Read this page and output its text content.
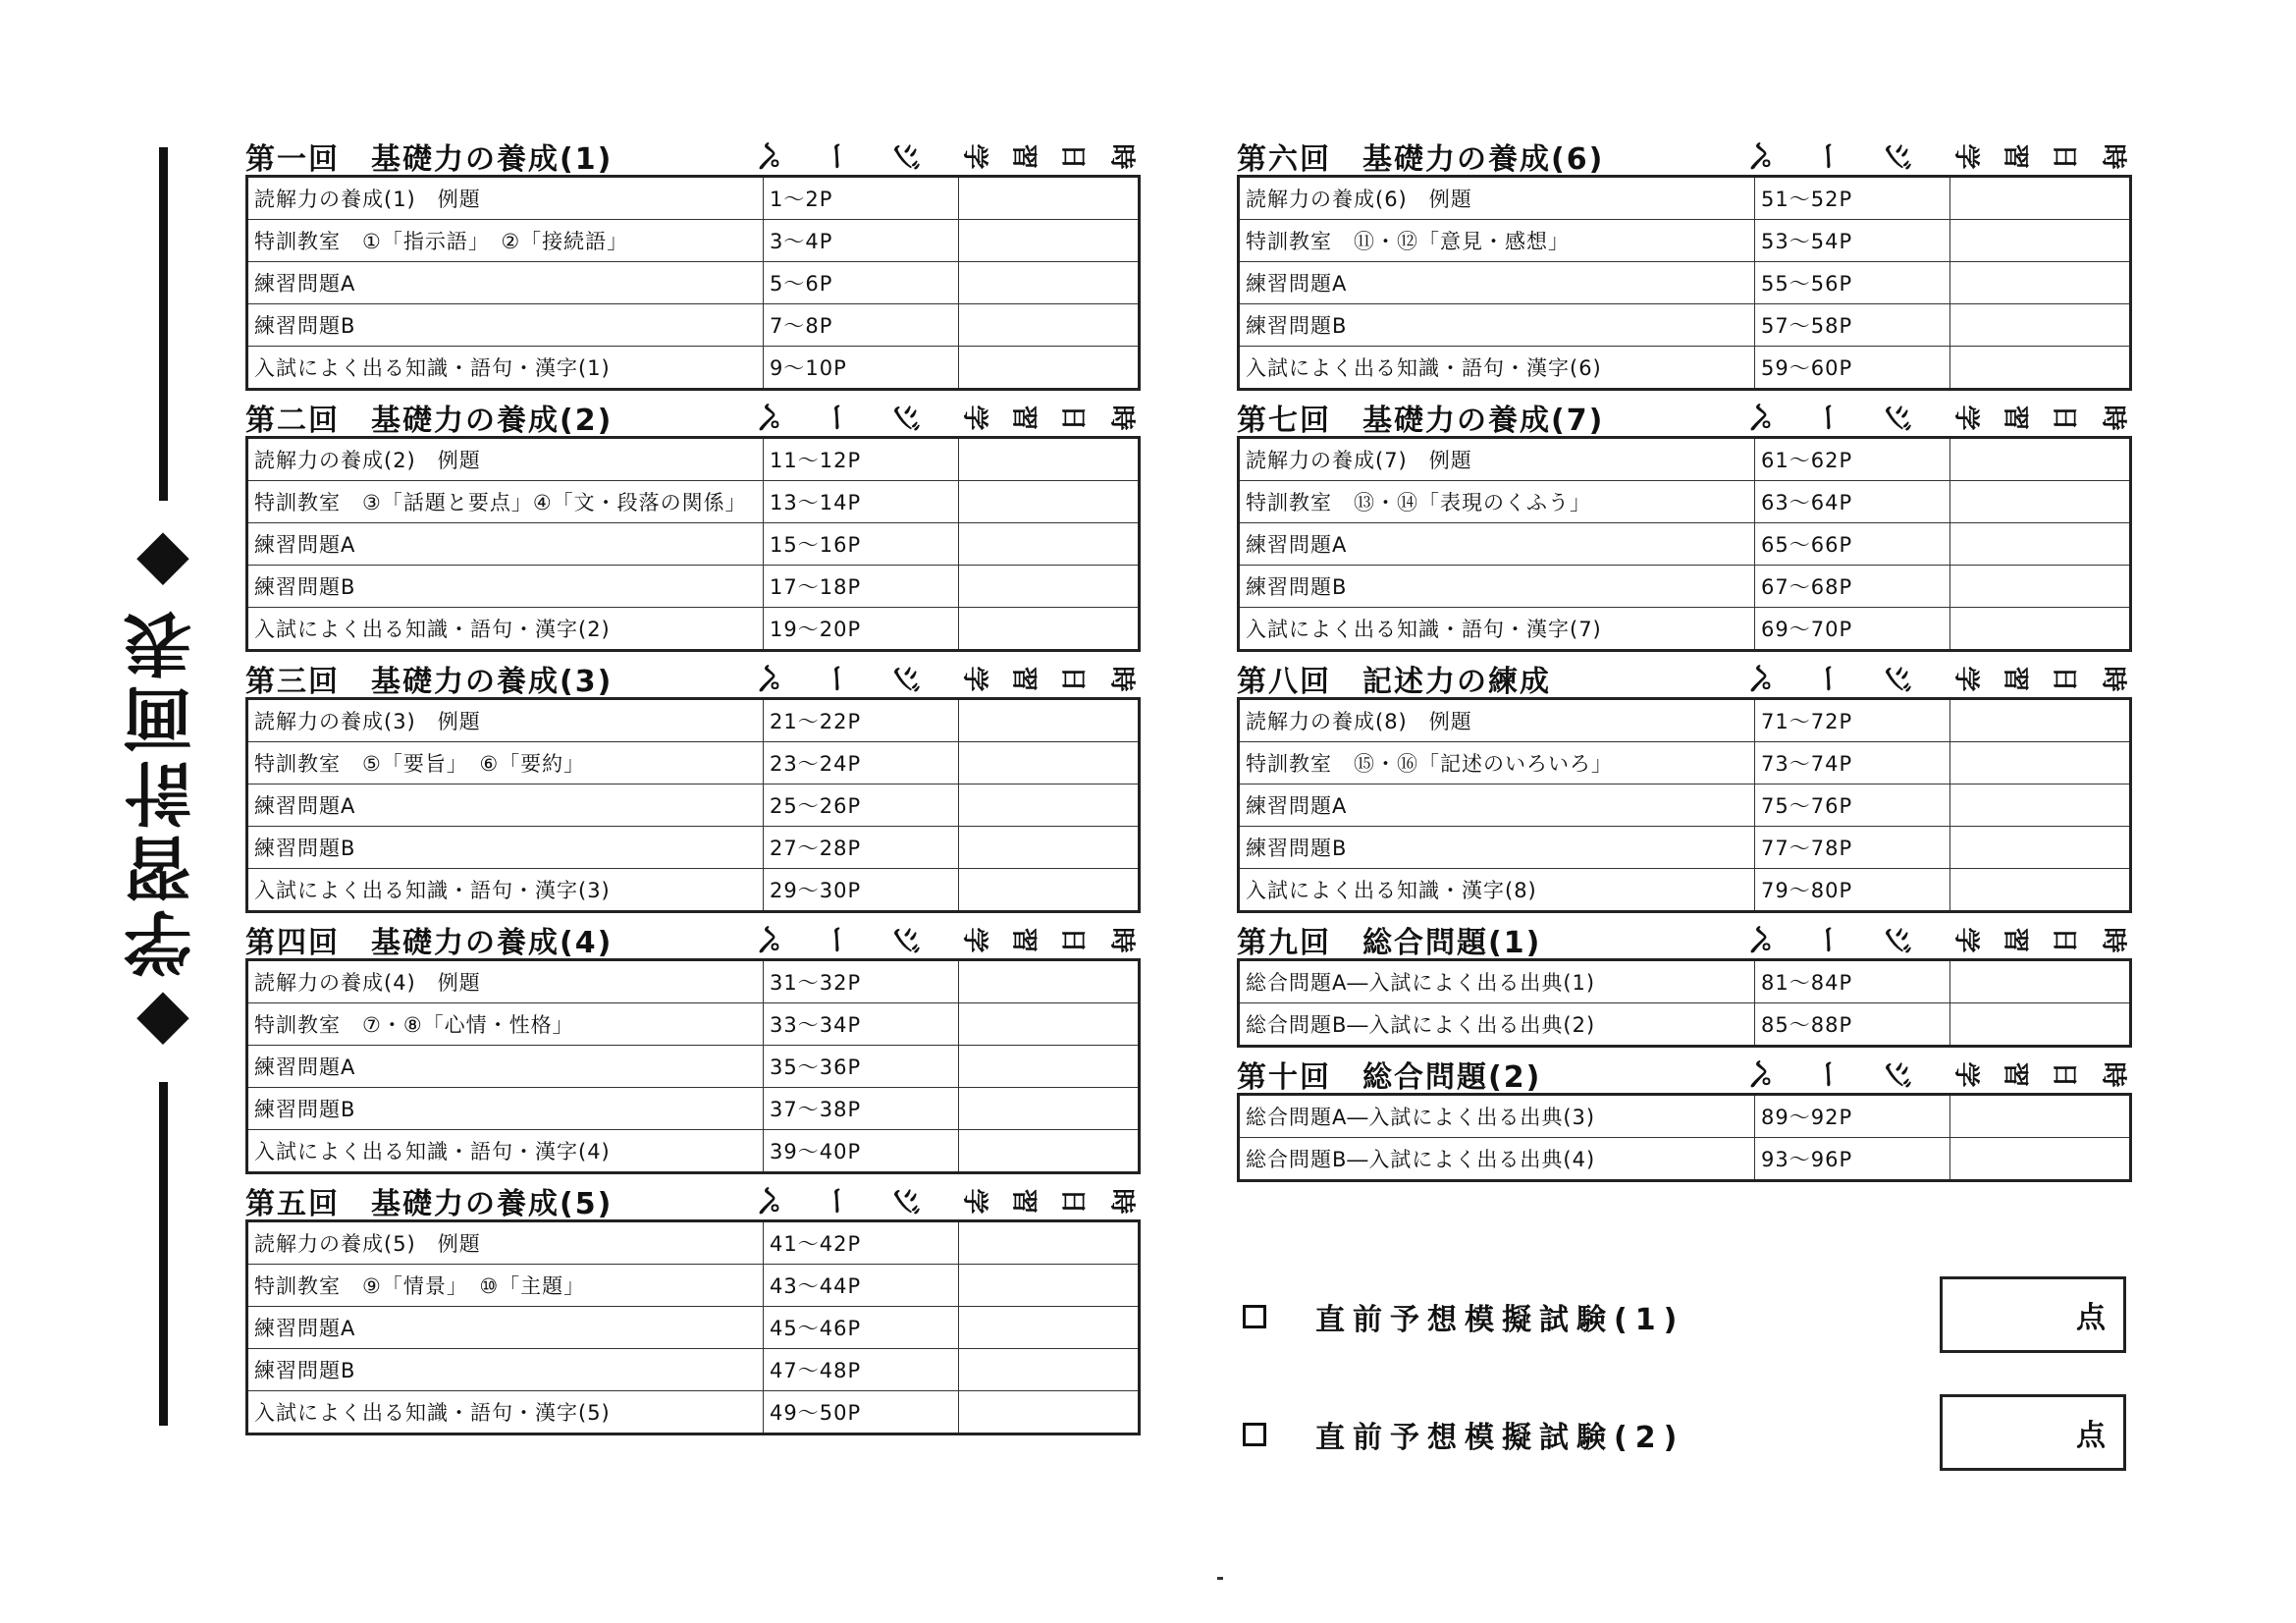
◆学習計画表◆
第一回　基礎力の養成(1)	ペ ー ジ	学 習 日 時
読解力の養成(1)　例題	1～2P	
特訓教室　①「指示語」　②「接続語」	3～4P	
練習問題A	5～6P	
練習問題B	7～8P	
入試によく出る知識・語句・漢字(1)	9～10P	
第二回　基礎力の養成(2)	ペ ー ジ	学 習 日 時
読解力の養成(2)　例題	11～12P	
特訓教室　③「話題と要点」④「文・段落の関係」	13～14P	
練習問題A	15～16P	
練習問題B	17～18P	
入試によく出る知識・語句・漢字(2)	19～20P	
第三回　基礎力の養成(3)	ペ ー ジ	学 習 日 時
読解力の養成(3)　例題	21～22P	
特訓教室　⑤「要旨」　⑥「要約」	23～24P	
練習問題A	25～26P	
練習問題B	27～28P	
入試によく出る知識・語句・漢字(3)	29～30P	
第四回　基礎力の養成(4)	ペ ー ジ	学 習 日 時
読解力の養成(4)　例題	31～32P	
特訓教室　⑦・⑧「心情・性格」	33～34P	
練習問題A	35～36P	
練習問題B	37～38P	
入試によく出る知識・語句・漢字(4)	39～40P	
第五回　基礎力の養成(5)	ペ ー ジ	学 習 日 時
読解力の養成(5)　例題	41～42P	
特訓教室　⑨「情景」　⑩「主題」	43～44P	
練習問題A	45～46P	
練習問題B	47～48P	
入試によく出る知識・語句・漢字(5)	49～50P	
第六回　基礎力の養成(6)	ペ ー ジ	学 習 日 時
読解力の養成(6)　例題	51～52P	
特訓教室　⑪・⑫「意見・感想」	53～54P	
練習問題A	55～56P	
練習問題B	57～58P	
入試によく出る知識・語句・漢字(6)	59～60P	
第七回　基礎力の養成(7)	ペ ー ジ	学 習 日 時
読解力の養成(7)　例題	61～62P	
特訓教室　⑬・⑭「表現のくふう」	63～64P	
練習問題A	65～66P	
練習問題B	67～68P	
入試によく出る知識・語句・漢字(7)	69～70P	
第八回　記述力の練成	ペ ー ジ	学 習 日 時
読解力の養成(8)　例題	71～72P	
特訓教室　⑮・⑯「記述のいろいろ」	73～74P	
練習問題A	75～76P	
練習問題B	77～78P	
入試によく出る知識・漢字(8)	79～80P	
第九回　総合問題(1)	ペ ー ジ	学 習 日 時
総合問題A―入試によく出る出典(1)	81～84P	
総合問題B―入試によく出る出典(2)	85～88P	
第十回　総合問題(2)	ペ ー ジ	学 習 日 時
総合問題A―入試によく出る出典(3)	89～92P	
総合問題B―入試によく出る出典(4)	93～96P	
直前予想模擬試験(1)	点
直前予想模擬試験(2)	点
